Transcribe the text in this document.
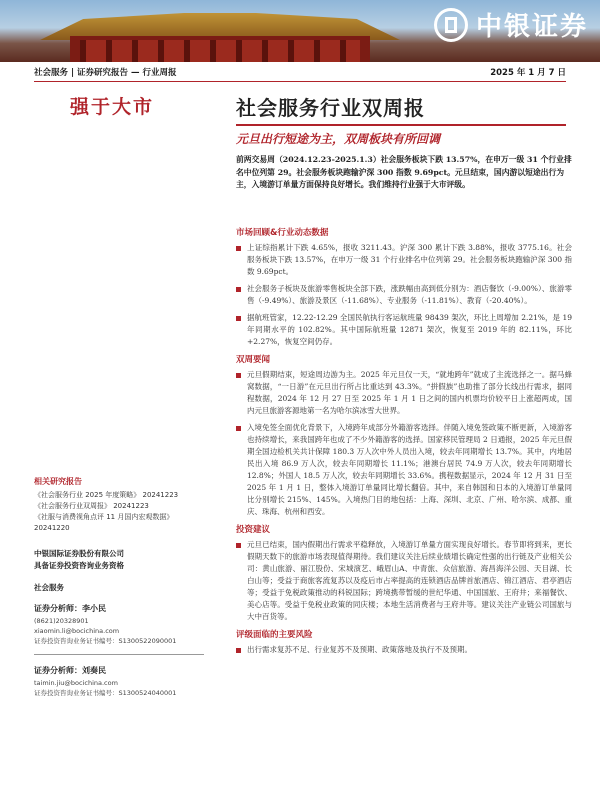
中银证券
社会服务 | 证券研究报告 — 行业周报	2025 年 1 月 7 日
强于大市
相关研究报告
《社会服务行业 2025 年度策略》 20241223
《社会服务行业双周报》 20241223
《社服与消费视角点评 11 月国内宏观数据》 20241220
中银国际证券股份有限公司
具备证券投资咨询业务资格
社会服务
证券分析师：李小民
(8621)20328901
xiaomin.li@bocichina.com
证券投资咨询业务证书编号：S1300522090001
证券分析师：刘奏民
taimin.jiu@bocichina.com
证券投资咨询业务证书编号：S1300524040001
社会服务行业双周报
元旦出行短途为主，双周板块有所回调
前两交易周（2024.12.23-2025.1.3）社会服务板块下跌 13.57%，在申万一级 31 个行业排名中位列第 29。社会服务板块跑输沪深 300 指数 9.69pct。元旦结束，国内游以短途出行为主，入境游订单量方面保持良好增长。我们维持行业强于大市评级。
市场回顾&行业动态数据
上证综指累计下跌 4.65%，报收 3211.43。沪深 300 累计下跌 3.88%，报收 3775.16。社会服务板块下跌 13.57%，在申万一级 31 个行业排名中位列第 29。社会服务板块跑输沪深 300 指数 9.69pct。
社会服务子板块及旅游零售板块全部下跌，涨跌幅由高到低分别为：酒店餐饮（-9.00%）、旅游零售（-9.49%）、旅游及景区（-11.68%）、专业服务（-11.81%）、教育（-20.40%）。
据航班管家，12.22-12.29 全国民航执行客运航班量 98439 架次，环比上周增加 2.21%，是 19 年同期水平的 102.82%。其中国际航班量 12871 架次，恢复至 2019 年的 82.11%，环比+2.27%，恢复空间仍存。
双周要闻
元旦假期结束，短途周边游为主。2025 年元旦仅一天，“就地跨年”就成了主流选择之一。据马蜂窝数据，“一日游”在元旦出行所占比重达到 43.3%。“拼假族”也助推了部分长线出行需求，据同程数据，2024 年 12 月 27 日至 2025 年 1 月 1 日之间的国内机票均价较平日上涨超两成，国内元旦旅游客源地第一名为哈尔滨冰雪大世界。
入境免签全面优化背景下，入境跨年成部分外籍游客选择。伴随入境免签政策不断更新，入境游客也持续增长，来我国跨年也成了不少外籍游客的选择。国家移民管理局 2 日通报，2025 年元旦假期全国边检机关共计保障 180.3 万人次中外人员出入境，较去年同期增长 13.7%。其中，内地居民出入境 86.9 万人次，较去年同期增长 11.1%；港澳台居民 74.9 万人次，较去年同期增长 12.8%；外国人 18.5 万人次，较去年同期增长 33.6%。携程数据显示，2024 年 12 月 31 日至 2025 年 1 月 1 日，整体入境游订单量同比增长翻倍。其中，来自韩国和日本的入境游订单量同比分别增长 215%、145%。入境热门目的地包括：上海、深圳、北京、广州、哈尔滨、成都、重庆、珠海、杭州和西安。
投资建议
元旦已结束，国内假期出行需求平稳释放，入境游订单量方面实现良好增长。春节即将到来，更长假期天数下的旅游市场表现值得期待。我们建议关注后续业绩增长确定性强的出行链及产业相关公司：黄山旅游、丽江股份、宋城演艺、峨眉山A、中青旅、众信旅游、海昌海洋公园、天目湖、长白山等；受益于商旅客流复苏以及疫后市占率提高的连锁酒店品牌首旅酒店、锦江酒店、君亭酒店等；受益于免税政策推动的科锐国际；跨境携带暂缓的世纪华通、中国国旅、王府井；来福餐饮、美心店等。受益于免税业政策的同庆楼；本地生活消费者与王府井等。建议关注产业链公司国旅与大中百货等。
评级面临的主要风险
出行需求复苏不足、行业复苏不及预期、政策落地及执行不及预期。
